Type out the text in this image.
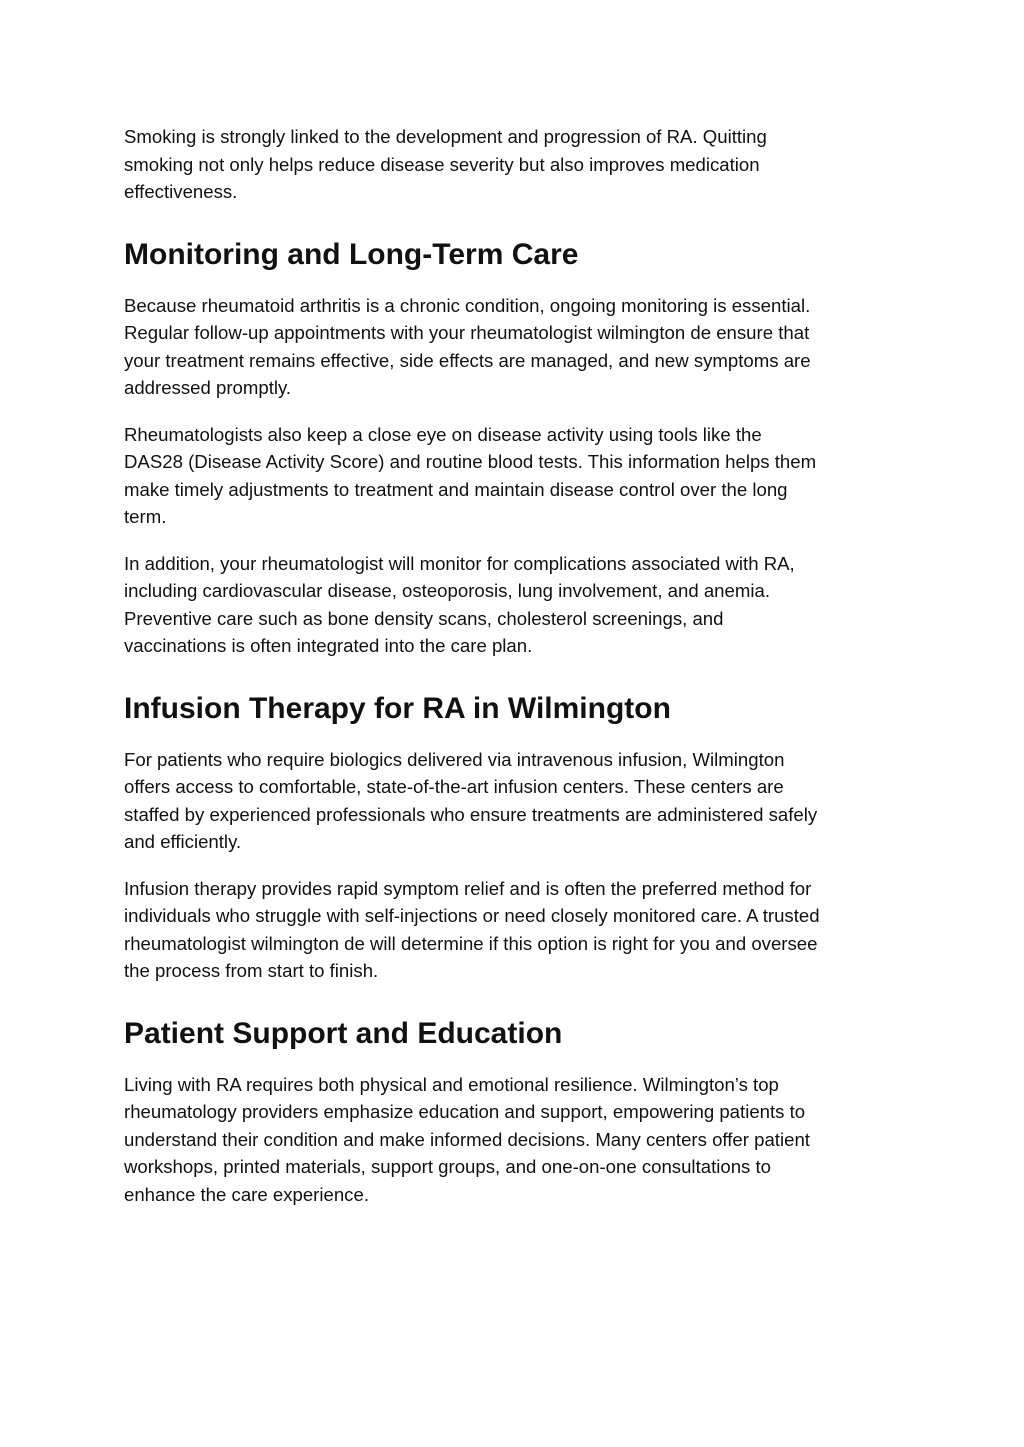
Smoking is strongly linked to the development and progression of RA. Quitting
smoking not only helps reduce disease severity but also improves medication
effectiveness.

Monitoring and Long-Term Care

Because rheumatoid arthritis is a chronic condition, ongoing monitoring is essential.
Regular follow-up appointments with your rheumatologist wilmington de ensure that
your treatment remains effective, side effects are managed, and new symptoms are
addressed promptly.

Rheumatologists also keep a close eye on disease activity using tools like the
DAS28 (Disease Activity Score) and routine blood tests. This information helps them
make timely adjustments to treatment and maintain disease control over the long
term.

In addition, your rheumatologist will monitor for complications associated with RA,
including cardiovascular disease, osteoporosis, lung involvement, and anemia.
Preventive care such as bone density scans, cholesterol screenings, and
vaccinations is often integrated into the care plan.

Infusion Therapy for RA in Wilmington

For patients who require biologics delivered via intravenous infusion, Wilmington
offers access to comfortable, state-of-the-art infusion centers. These centers are
staffed by experienced professionals who ensure treatments are administered safely
and efficiently.

Infusion therapy provides rapid symptom relief and is often the preferred method for
individuals who struggle with self-injections or need closely monitored care. A trusted
rheumatologist wilmington de will determine if this option is right for you and oversee
the process from start to finish.

Patient Support and Education

Living with RA requires both physical and emotional resilience. Wilmington’s top
rheumatology providers emphasize education and support, empowering patients to
understand their condition and make informed decisions. Many centers offer patient
workshops, printed materials, support groups, and one-on-one consultations to
enhance the care experience.
